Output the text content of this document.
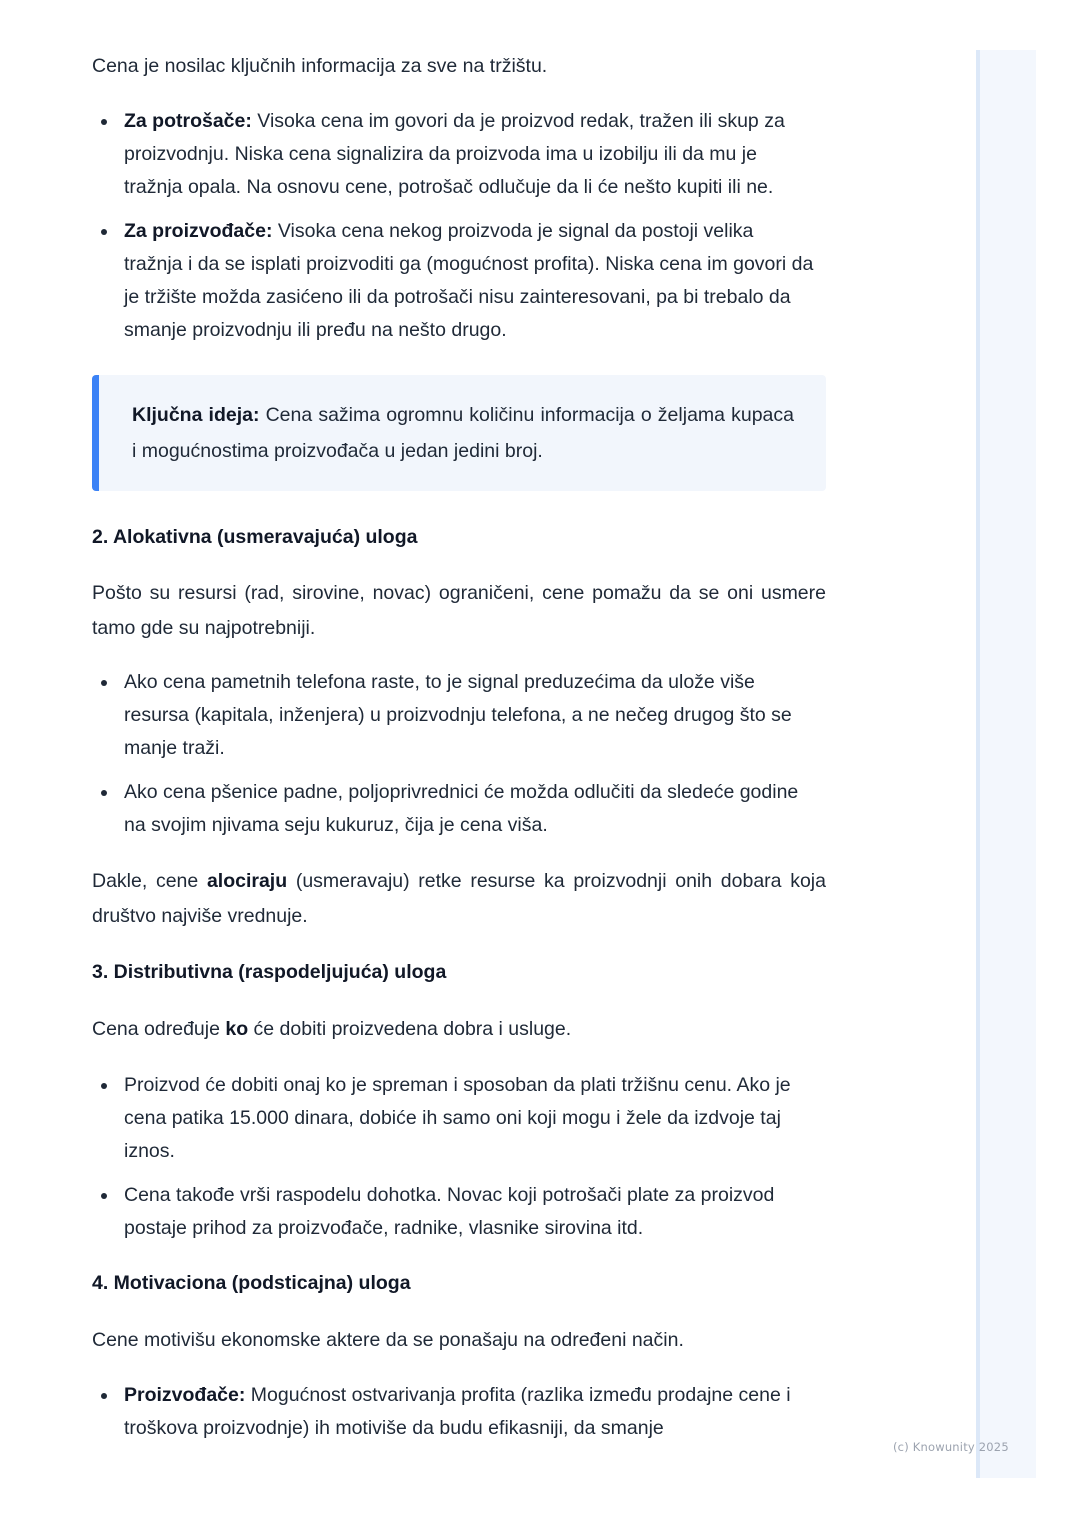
Cena je nosilac ključnih informacija za sve na tržištu.

Za potrošače: Visoka cena im govori da je proizvod redak, tražen ili skup za proizvodnju. Niska cena signalizira da proizvoda ima u izobilju ili da mu je tražnja opala. Na osnovu cene, potrošač odlučuje da li će nešto kupiti ili ne.
Za proizvođače: Visoka cena nekog proizvoda je signal da postoji velika tražnja i da se isplati proizvoditi ga (mogućnost profita). Niska cena im govori da je tržište možda zasićeno ili da potrošači nisu zainteresovani, pa bi trebalo da smanje proizvodnju ili pređu na nešto drugo.
Ključna ideja: Cena sažima ogromnu količinu informacija o željama kupaca i mogućnostima proizvođača u jedan jedini broj.
2. Alokativna (usmeravajuća) uloga

Pošto su resursi (rad, sirovine, novac) ograničeni, cene pomažu da se oni usmere tamo gde su najpotrebniji.

Ako cena pametnih telefona raste, to je signal preduzećima da ulože više resursa (kapitala, inženjera) u proizvodnju telefona, a ne nečeg drugog što se manje traži.
Ako cena pšenice padne, poljoprivrednici će možda odlučiti da sledeće godine na svojim njivama seju kukuruz, čija je cena viša.

Dakle, cene alociraju (usmeravaju) retke resurse ka proizvodnji onih dobara koja društvo najviše vrednuje.

3. Distributivna (raspodeljujuća) uloga

Cena određuje ko će dobiti proizvedena dobra i usluge.

Proizvod će dobiti onaj ko je spreman i sposoban da plati tržišnu cenu. Ako je cena patika 15.000 dinara, dobiće ih samo oni koji mogu i žele da izdvoje taj iznos.
Cena takođe vrši raspodelu dohotka. Novac koji potrošači plate za proizvod postaje prihod za proizvođače, radnike, vlasnike sirovina itd.
4. Motivaciona (podsticajna) uloga

Cene motivišu ekonomske aktere da se ponašaju na određeni način.

Proizvođače: Mogućnost ostvarivanja profita (razlika između prodajne cene i troškova proizvodnje) ih motiviše da budu efikasniji, da smanje
(c) Knowunity 2025
